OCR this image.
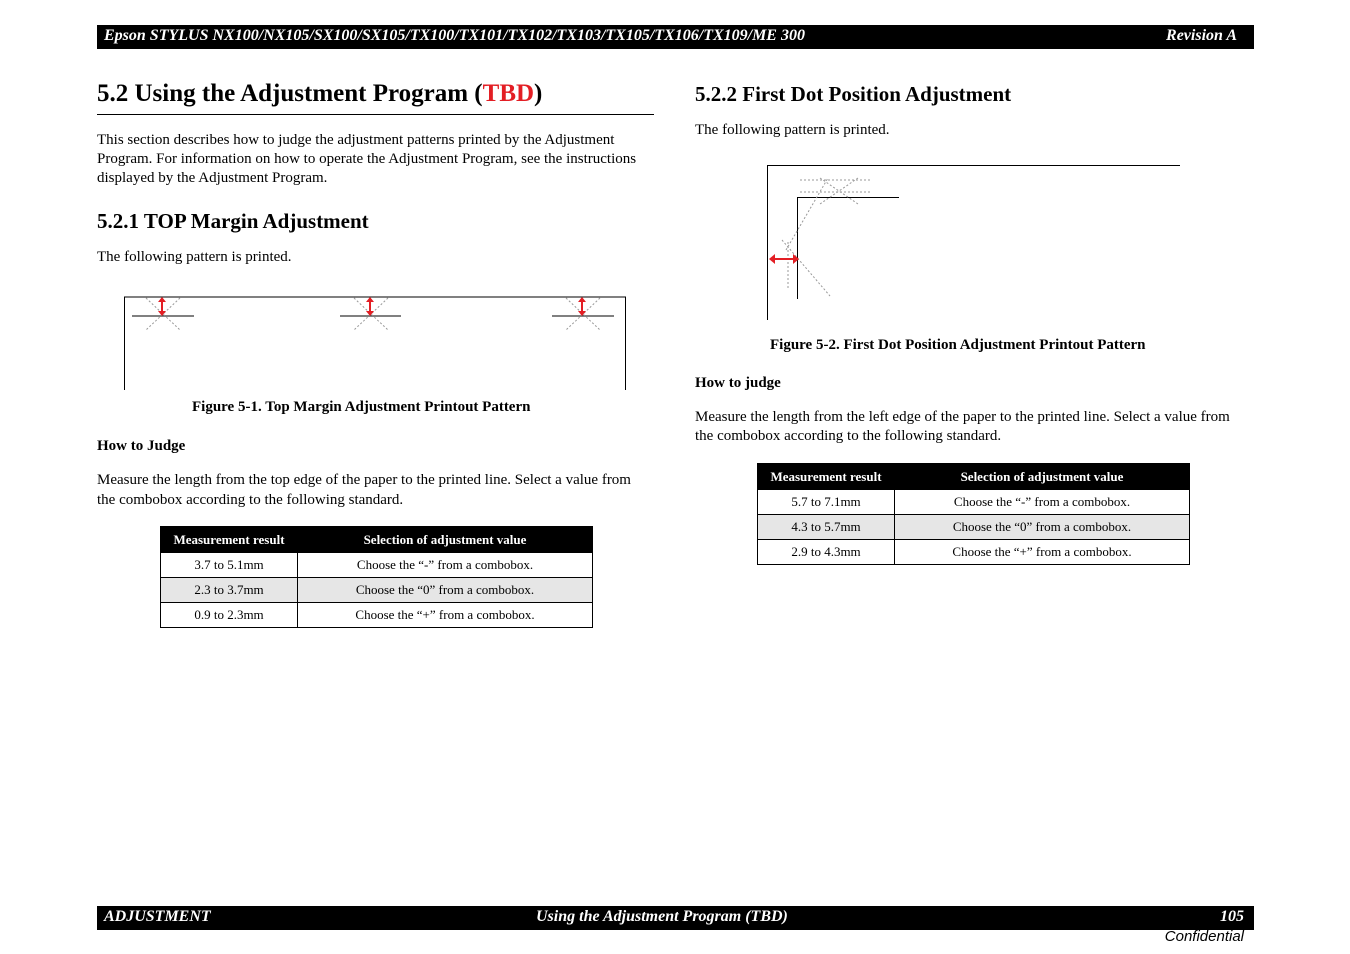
Epson STYLUS NX100/NX105/SX100/SX105/TX100/TX101/TX102/TX103/TX105/TX106/TX109/ME 300	Revision A
5.2 Using the Adjustment Program (TBD)
This section describes how to judge the adjustment patterns printed by the Adjustment Program. For information on how to operate the Adjustment Program, see the instructions displayed by the Adjustment Program.
5.2.1 TOP Margin Adjustment
The following pattern is printed.
Figure 5-1. Top Margin Adjustment Printout Pattern
How to Judge
Measure the length from the top edge of the paper to the printed line. Select a value from the combobox according to the following standard.
Measurement result	Selection of adjustment value
3.7 to 5.1mm	Choose the “-” from a combobox.
2.3 to 3.7mm	Choose the “0” from a combobox.
0.9 to 2.3mm	Choose the “+” from a combobox.
5.2.2 First Dot Position Adjustment
The following pattern is printed.
Figure 5-2. First Dot Position Adjustment Printout Pattern
How to judge
Measure the length from the left edge of the paper to the printed line. Select a value from the combobox according to the following standard.
Measurement result	Selection of adjustment value
5.7 to 7.1mm	Choose the “-” from a combobox.
4.3 to 5.7mm	Choose the “0” from a combobox.
2.9 to 4.3mm	Choose the “+” from a combobox.
ADJUSTMENT	Using the Adjustment Program (TBD)	105
Confidential
